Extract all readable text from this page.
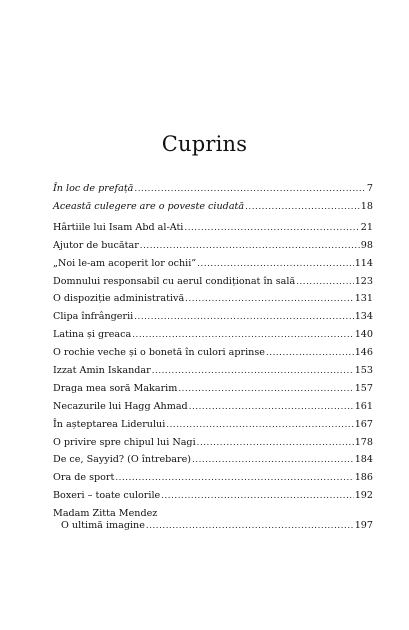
Cuprins
În loc de prefață .....	7
Această culegere are o poveste ciudată .....	18
Hârtiile lui Isam Abd al-Ati .....	21
Ajutor de bucătar .....	98
„Noi le-am acoperit lor ochii” .....	114
Domnului responsabil cu aerul condiționat în sală .....	123
O dispoziție administrativă .....	131
Clipa înfrângerii .....	134
Latina și greaca .....	140
O rochie veche și o bonetă în culori aprinse .....	146
Izzat Amin Iskandar .....	153
Draga mea soră Makarim .....	157
Necazurile lui Hagg Ahmad .....	161
În așteptarea Liderului .....	167
O privire spre chipul lui Nagi .....	178
De ce, Sayyid? (O întrebare) .....	184
Ora de sport .....	186
Boxeri – toate culorile .....	192
Madam Zitta Mendez
O ultimă imagine .....	197
